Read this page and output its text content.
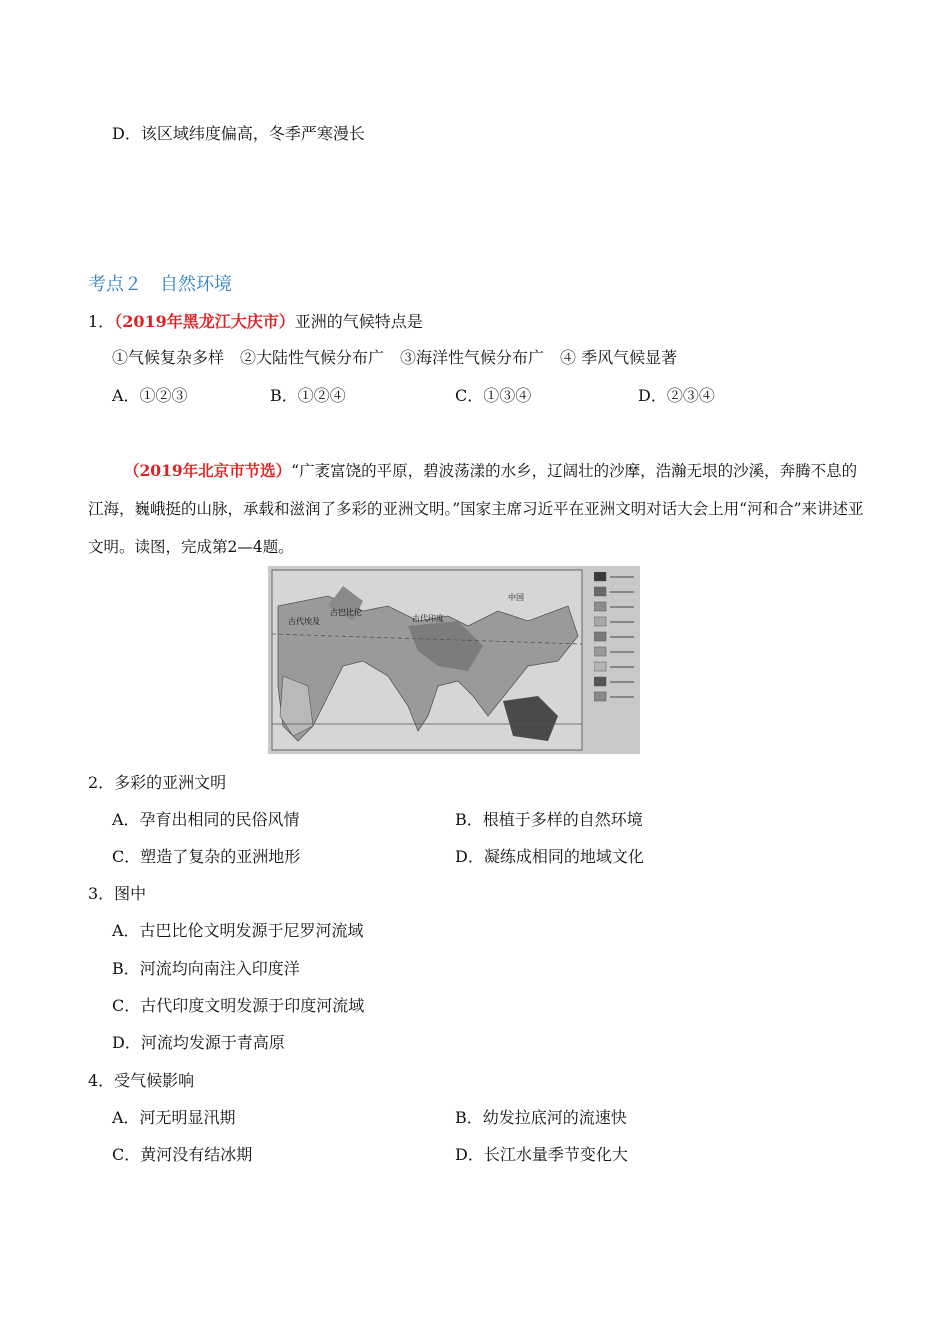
D．该区域纬度偏高，冬季严寒漫长
考点２　自然环境
1．（2019年黑龙江大庆市）亚洲的气候特点是
①气候复杂多样　②大陆性气候分布广　③海洋性气候分布广　④ 季风气候显著
A．①②③	B．①②④	C．①③④	D．②③④
（2019年北京市节选）“广袤富饶的平原，碧波荡漾的水乡，辽阔壮的沙摩，浩瀚无垠的沙溪，奔腾不息的江海，巍峨挺的山脉，承载和滋润了多彩的亚洲文明。”国家主席习近平在亚洲文明对话大会上用“河和合”来讲述亚文明。读图，完成第2—4题。
古巴比伦
古代埃及	古代印度
中国
2．多彩的亚洲文明
A．孕育出相同的民俗风情	B．根植于多样的自然环境
C．塑造了复杂的亚洲地形	D．凝练成相同的地域文化
3．图中
A．古巴比伦文明发源于尼罗河流域
B．河流均向南注入印度洋
C．古代印度文明发源于印度河流域
D．河流均发源于青高原
4．受气候影响
A．河无明显汛期	B．幼发拉底河的流速快
C．黄河没有结冰期	D．长江水量季节变化大
